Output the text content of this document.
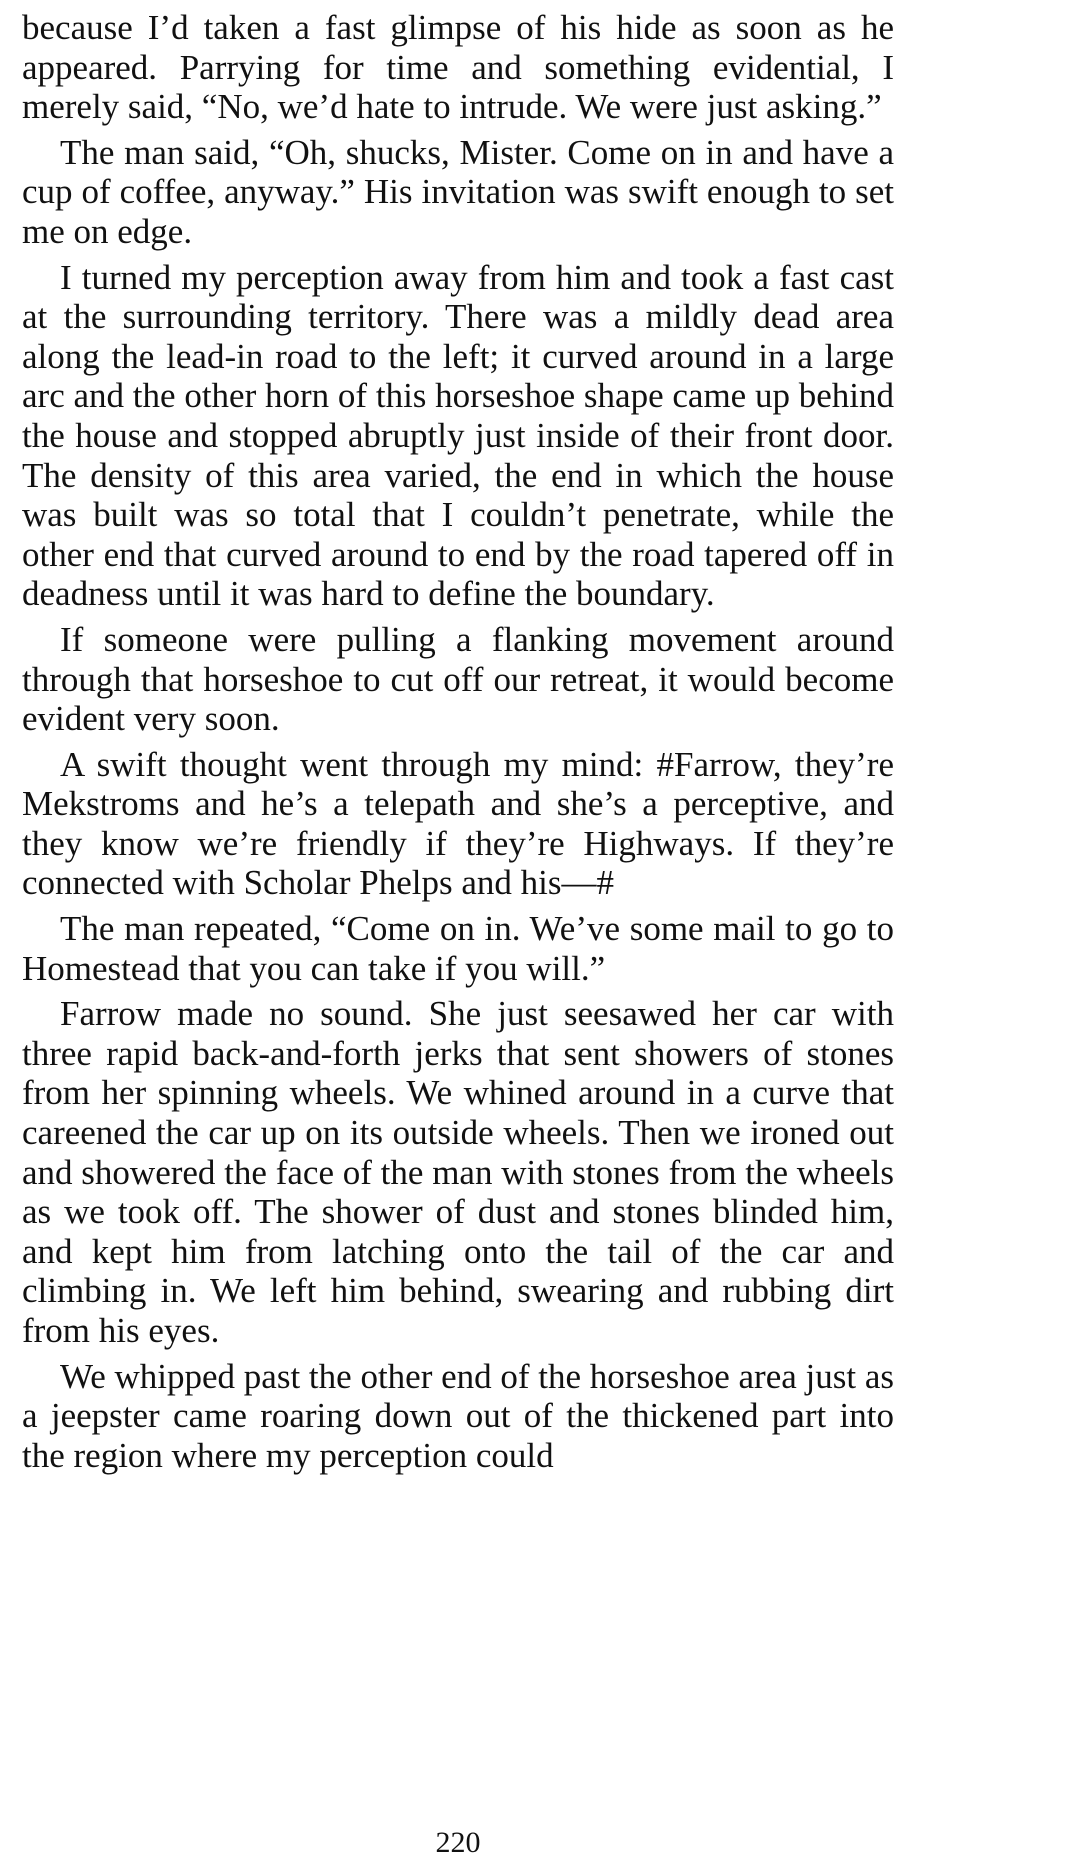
because I’d taken a fast glimpse of his hide as soon as he appeared. Parrying for time and something evidential, I merely said, “No, we’d hate to intrude. We were just asking.”

The man said, “Oh, shucks, Mister. Come on in and have a cup of coffee, anyway.” His invitation was swift enough to set me on edge.

I turned my perception away from him and took a fast cast at the surrounding territory. There was a mildly dead area along the lead-in road to the left; it curved around in a large arc and the other horn of this horseshoe shape came up behind the house and stopped abruptly just inside of their front door. The density of this area varied, the end in which the house was built was so total that I couldn’t penetrate, while the other end that curved around to end by the road tapered off in deadness until it was hard to define the boundary.

If someone were pulling a flanking movement around through that horseshoe to cut off our retreat, it would become evident very soon.

A swift thought went through my mind: #Farrow, they’re Mekstroms and he’s a telepath and she’s a perceptive, and they know we’re friendly if they’re Highways. If they’re connected with Scholar Phelps and his—#

The man repeated, “Come on in. We’ve some mail to go to Homestead that you can take if you will.”

Farrow made no sound. She just seesawed her car with three rapid back-and-forth jerks that sent showers of stones from her spinning wheels. We whined around in a curve that careened the car up on its outside wheels. Then we ironed out and showered the face of the man with stones from the wheels as we took off. The shower of dust and stones blinded him, and kept him from latching onto the tail of the car and climbing in. We left him behind, swearing and rubbing dirt from his eyes.

We whipped past the other end of the horseshoe area just as a jeepster came roaring down out of the thickened part into the region where my perception could

220
